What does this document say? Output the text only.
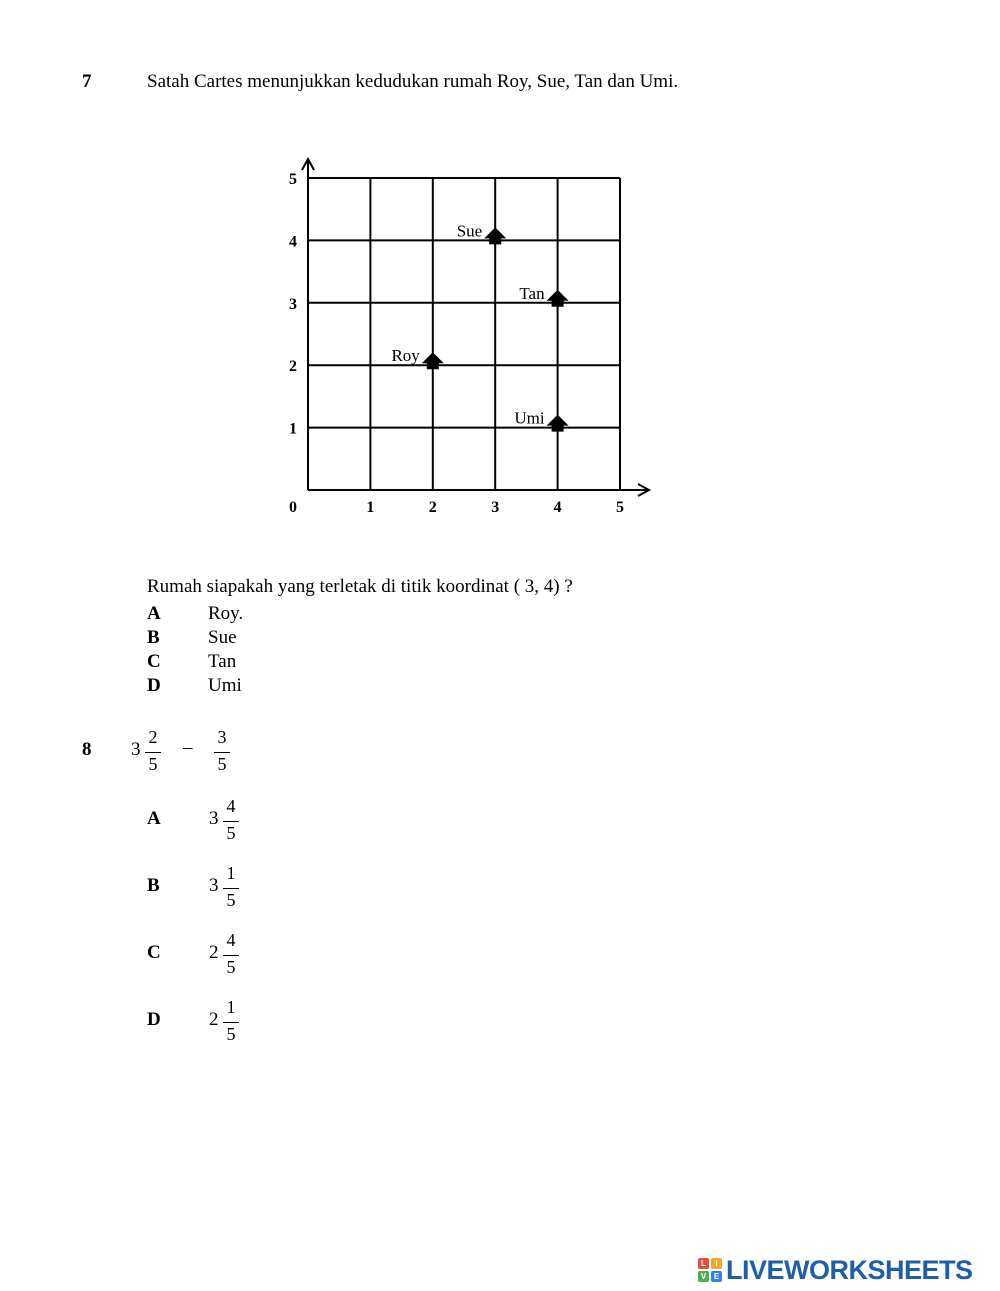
7	Satah Cartes menunjukkan kedudukan rumah Roy, Sue, Tan dan Umi.
0	1	2	3	4	5
1
2
3
4
5
Sue
Tan
Roy
Umi
Rumah siapakah yang terletak di titik koordinat ( 3, 4) ?
A Roy.
B	Sue
C Tan
D Umi
8 3
2
5
–	3
5
A	3
4
5
B	3
1
5
C	2
4
5
D	2
1
5
L	I
V E LIVEWORKSHEETS
